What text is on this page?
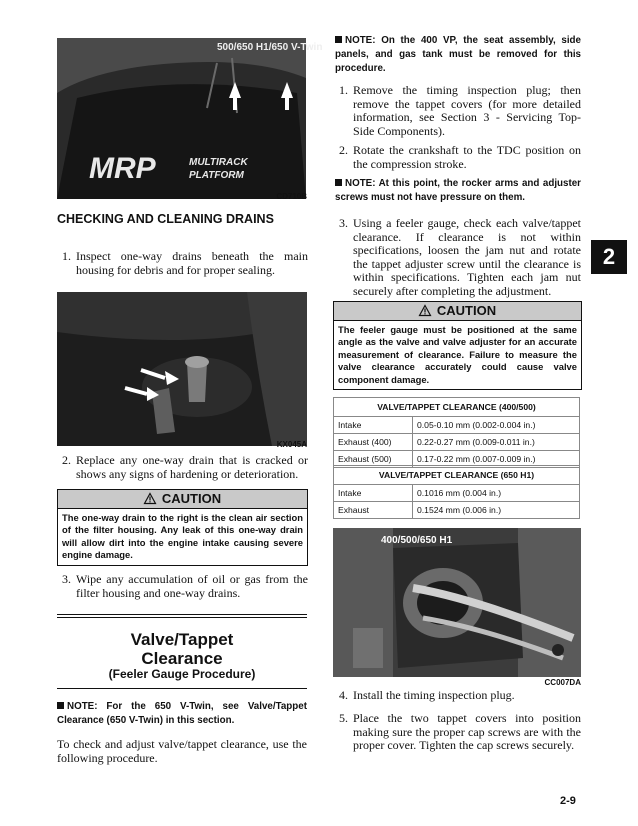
500/650 H1/650 V-Twin
MRP	MULTIRACK
PLATFORM
CD710B
CHECKING AND CLEANING DRAINS
1. Inspect one-way drains beneath the main housing for debris and for proper sealing.
KX045A
2. Replace any one-way drain that is cracked or shows any signs of hardening or deterioration.
CAUTION
The one-way drain to the right is the clean air section of the filter housing. Any leak of this one-way drain will allow dirt into the engine intake causing severe engine damage.
3. Wipe any accumulation of oil or gas from the filter housing and one-way drains.
Valve/Tappet
Clearance
(Feeler Gauge Procedure)
NOTE: For the 650 V-Twin, see Valve/Tappet Clearance (650 V-Twin) in this section.
To check and adjust valve/tappet clearance, use the following procedure.
NOTE: On the 400 VP, the seat assembly, side panels, and gas tank must be removed for this procedure.
1. Remove the timing inspection plug; then remove the tappet covers (for more detailed information, see Section 3 - Servicing Top-Side Components).
2. Rotate the crankshaft to the TDC position on the compression stroke.
NOTE: At this point, the rocker arms and adjuster screws must not have pressure on them.
3. Using a feeler gauge, check each valve/tappet clearance. If clearance is not within specifications, loosen the jam nut and rotate the tappet adjuster screw until the clearance is within specifications. Tighten each jam nut securely after completing the adjustment.
CAUTION
The feeler gauge must be positioned at the same angle as the valve and valve adjuster for an accurate measurement of clearance. Failure to measure the valve clearance accurately could cause valve component damage.
VALVE/TAPPET CLEARANCE (400/500)	
Intake	0.05-0.10 mm (0.002-0.004 in.)
Exhaust (400)	0.22-0.27 mm (0.009-0.011 in.)
Exhaust (500)	0.17-0.22 mm (0.007-0.009 in.)
VALVE/TAPPET CLEARANCE (650 H1)	
Intake	0.1016 mm (0.004 in.)
Exhaust	0.1524 mm (0.006 in.)
400/500/650 H1
CC007DA
4. Install the timing inspection plug.
5. Place the two tappet covers into position making sure the proper cap screws are with the proper cover. Tighten the cap screws securely.
2
2-9
